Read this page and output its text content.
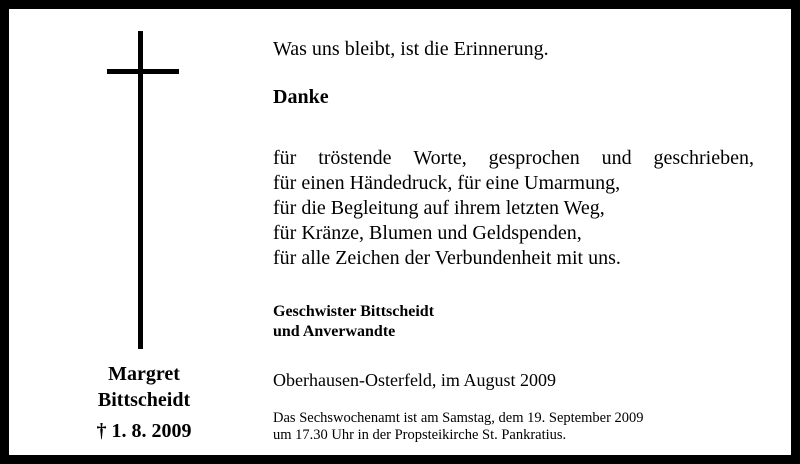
Margret
Bittscheidt
† 1. 8. 2009
Was uns bleibt, ist die Erinnerung.
Danke
für tröstende Worte, gesprochen und geschrieben,
für einen Händedruck, für eine Umarmung,
für die Begleitung auf ihrem letzten Weg,
für Kränze, Blumen und Geldspenden,
für alle Zeichen der Verbundenheit mit uns.
Geschwister Bittscheidt
und Anverwandte
Oberhausen-Osterfeld, im August 2009
Das Sechswochenamt ist am Samstag, dem 19. September 2009
um 17.30 Uhr in der Propsteikirche St. Pankratius.
